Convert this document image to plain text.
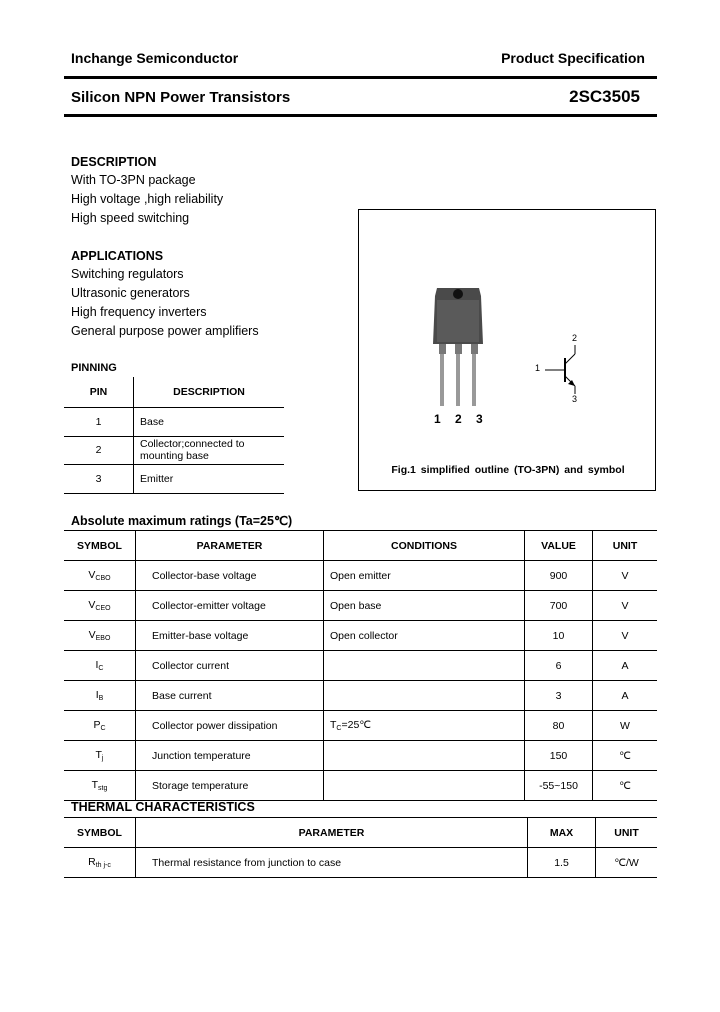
Inchange Semiconductor	Product Specification
Silicon NPN Power Transistors	2SC3505
DESCRIPTION
With TO-3PN package
High voltage ,high reliability
High speed switching
APPLICATIONS
Switching regulators
Ultrasonic generators
High frequency inverters
General purpose power amplifiers
PINNING
PIN	DESCRIPTION
1	Base
2	Collector;connected to mounting base
3	Emitter
1 2 3
1
2
3
Fig.1 simplified outline (TO-3PN) and symbol
Absolute maximum ratings (Ta=25℃)
SYMBOL	PARAMETER	CONDITIONS	VALUE	UNIT
$V_{CBO}$	Collector-base voltage	Open emitter	900	V
$V_{CEO}$	Collector-emitter voltage	Open base	700	V
$V_{EBO}$	Emitter-base voltage	Open collector	10	V
$I_C$	Collector current		6	A
$I_B$	Base current		3	A
$P_C$	Collector power dissipation	$T_C=25℃$	80	W
$T_j$	Junction temperature		150	℃
$T_{stg}$	Storage temperature		-55~150	℃
THERMAL CHARACTERISTICS
SYMBOL	PARAMETER	MAX	UNIT
$R_{th j-c}$	Thermal resistance from junction to case	1.5	℃/W
